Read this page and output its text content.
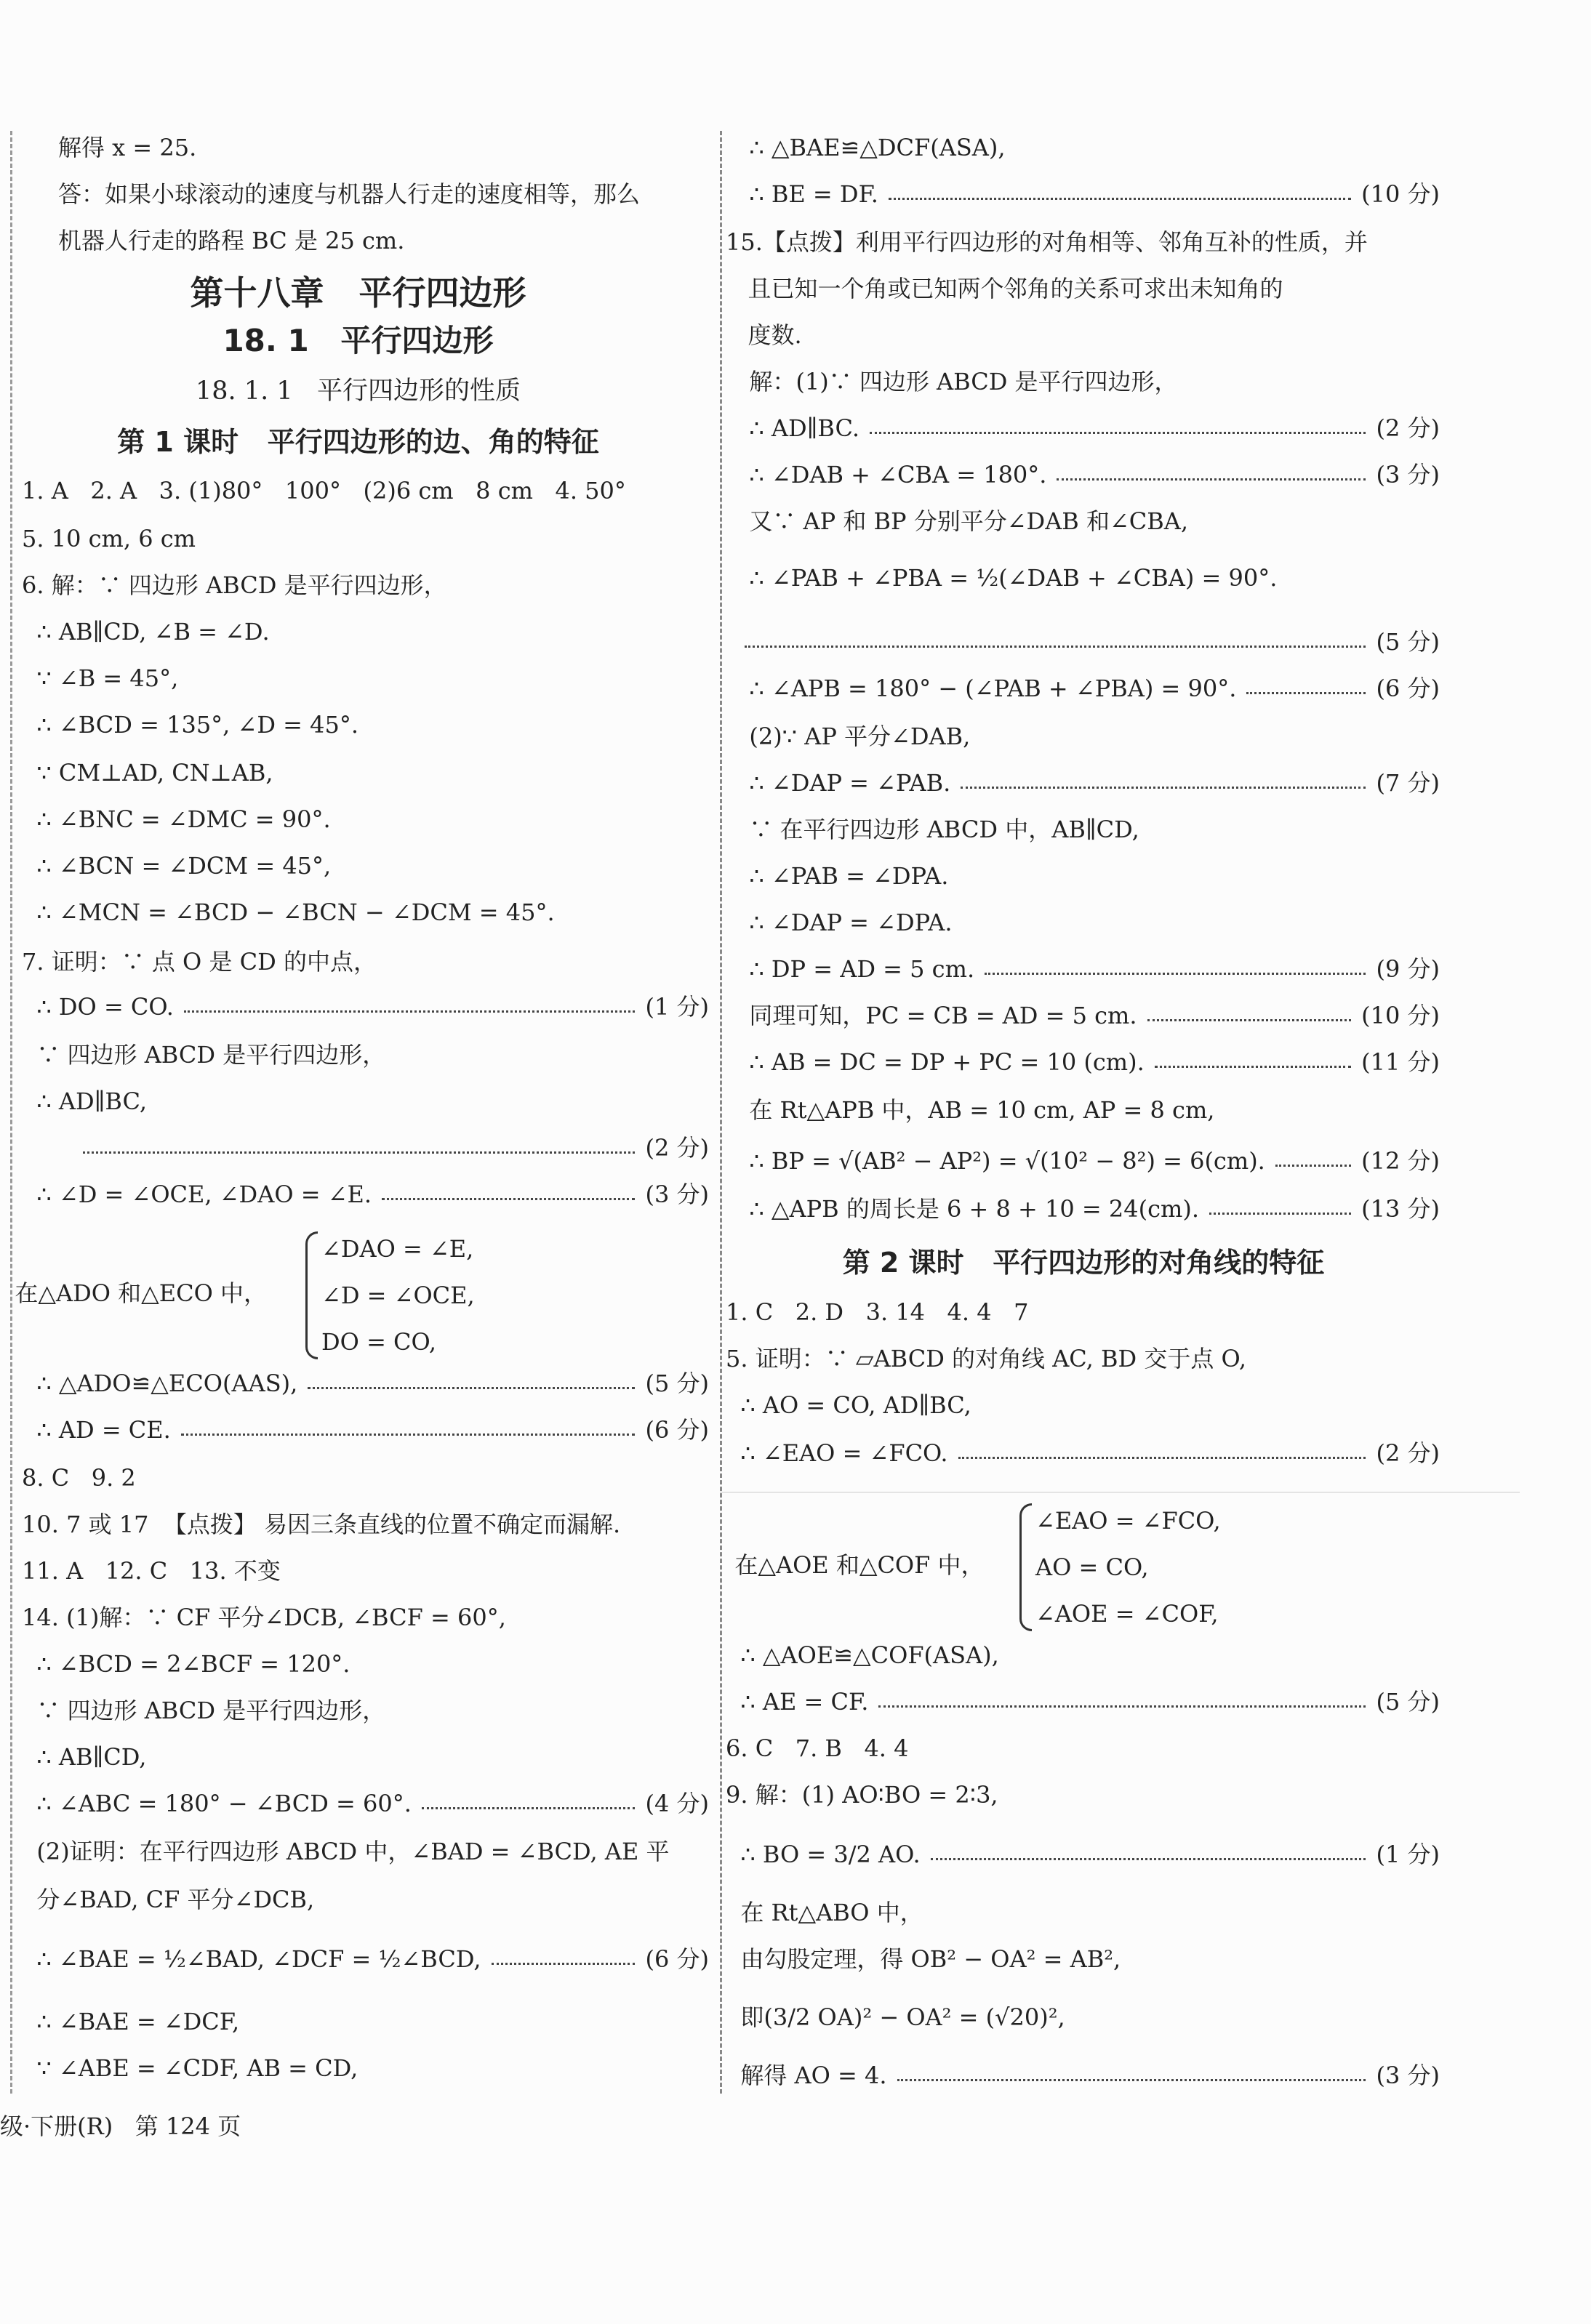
解得 x = 25.
答：如果小球滚动的速度与机器人行走的速度相等，那么
机器人行走的路程 BC 是 25 cm.
第十八章   平行四边形
18. 1   平行四边形
18. 1. 1   平行四边形的性质
第 1 课时   平行四边形的边、角的特征
1. A   2. A   3. (1)80°   100°   (2)6 cm   8 cm   4. 50°
5. 10 cm, 6 cm
6. 解：∵ 四边形 ABCD 是平行四边形，
∴ AB∥CD, ∠B = ∠D.
∵ ∠B = 45°,
∴ ∠BCD = 135°, ∠D = 45°.
∵ CM⊥AD, CN⊥AB,
∴ ∠BNC = ∠DMC = 90°.
∴ ∠BCN = ∠DCM = 45°,
∴ ∠MCN = ∠BCD − ∠BCN − ∠DCM = 45°.
7. 证明：∵ 点 O 是 CD 的中点，
∴ DO = CO.	(1 分)
∵ 四边形 ABCD 是平行四边形，
∴ AD∥BC,
(2 分)
∴ ∠D = ∠OCE, ∠DAO = ∠E.	(3 分)
在△ADO 和△ECO 中，
∠DAO = ∠E,
∠D = ∠OCE,
DO = CO,
∴ △ADO≌△ECO(AAS),	(5 分)
∴ AD = CE.	(6 分)
8. C   9. 2
10. 7 或 17  【点拨】 易因三条直线的位置不确定而漏解.
11. A   12. C   13. 不变
14. (1)解：∵ CF 平分∠DCB, ∠BCF = 60°,
∴ ∠BCD = 2∠BCF = 120°.
∵ 四边形 ABCD 是平行四边形，
∴ AB∥CD,
∴ ∠ABC = 180° − ∠BCD = 60°.	(4 分)
(2)证明：在平行四边形 ABCD 中，∠BAD = ∠BCD, AE 平
分∠BAD, CF 平分∠DCB,
∴ ∠BAE = ½∠BAD, ∠DCF = ½∠BCD,	(6 分)
∴ ∠BAE = ∠DCF,
∵ ∠ABE = ∠CDF, AB = CD,
∴ △BAE≌△DCF(ASA),
∴ BE = DF.	(10 分)
15.【点拨】利用平行四边形的对角相等、邻角互补的性质，并
且已知一个角或已知两个邻角的关系可求出未知角的
度数.
解：(1)∵ 四边形 ABCD 是平行四边形，
∴ AD∥BC.	(2 分)
∴ ∠DAB + ∠CBA = 180°.	(3 分)
又∵ AP 和 BP 分别平分∠DAB 和∠CBA,
∴ ∠PAB + ∠PBA = ½(∠DAB + ∠CBA) = 90°.
(5 分)
∴ ∠APB = 180° − (∠PAB + ∠PBA) = 90°.	(6 分)
(2)∵ AP 平分∠DAB,
∴ ∠DAP = ∠PAB.	(7 分)
∵ 在平行四边形 ABCD 中，AB∥CD,
∴ ∠PAB = ∠DPA.
∴ ∠DAP = ∠DPA.
∴ DP = AD = 5 cm.	(9 分)
同理可知，PC = CB = AD = 5 cm.	(10 分)
∴ AB = DC = DP + PC = 10 (cm).	(11 分)
在 Rt△APB 中，AB = 10 cm, AP = 8 cm,
∴ BP = √(AB² − AP²) = √(10² − 8²) = 6(cm).	(12 分)
∴ △APB 的周长是 6 + 8 + 10 = 24(cm).	(13 分)
第 2 课时   平行四边形的对角线的特征
1. C   2. D   3. 14   4. 4   7
5. 证明：∵ ▱ABCD 的对角线 AC, BD 交于点 O,
∴ AO = CO, AD∥BC,
∴ ∠EAO = ∠FCO.	(2 分)
在△AOE 和△COF 中，
∠EAO = ∠FCO,
AO = CO,
∠AOE = ∠COF,
∴ △AOE≌△COF(ASA),
∴ AE = CF.	(5 分)
6. C   7. B   4. 4
9. 解：(1) AO∶BO = 2∶3,
∴ BO = 3/2 AO.	(1 分)
在 Rt△ABO 中，
由勾股定理，得 OB² − OA² = AB²,
即(3/2 OA)² − OA² = (√20)²,
解得 AO = 4.	(3 分)
级·下册(R)   第 124 页
